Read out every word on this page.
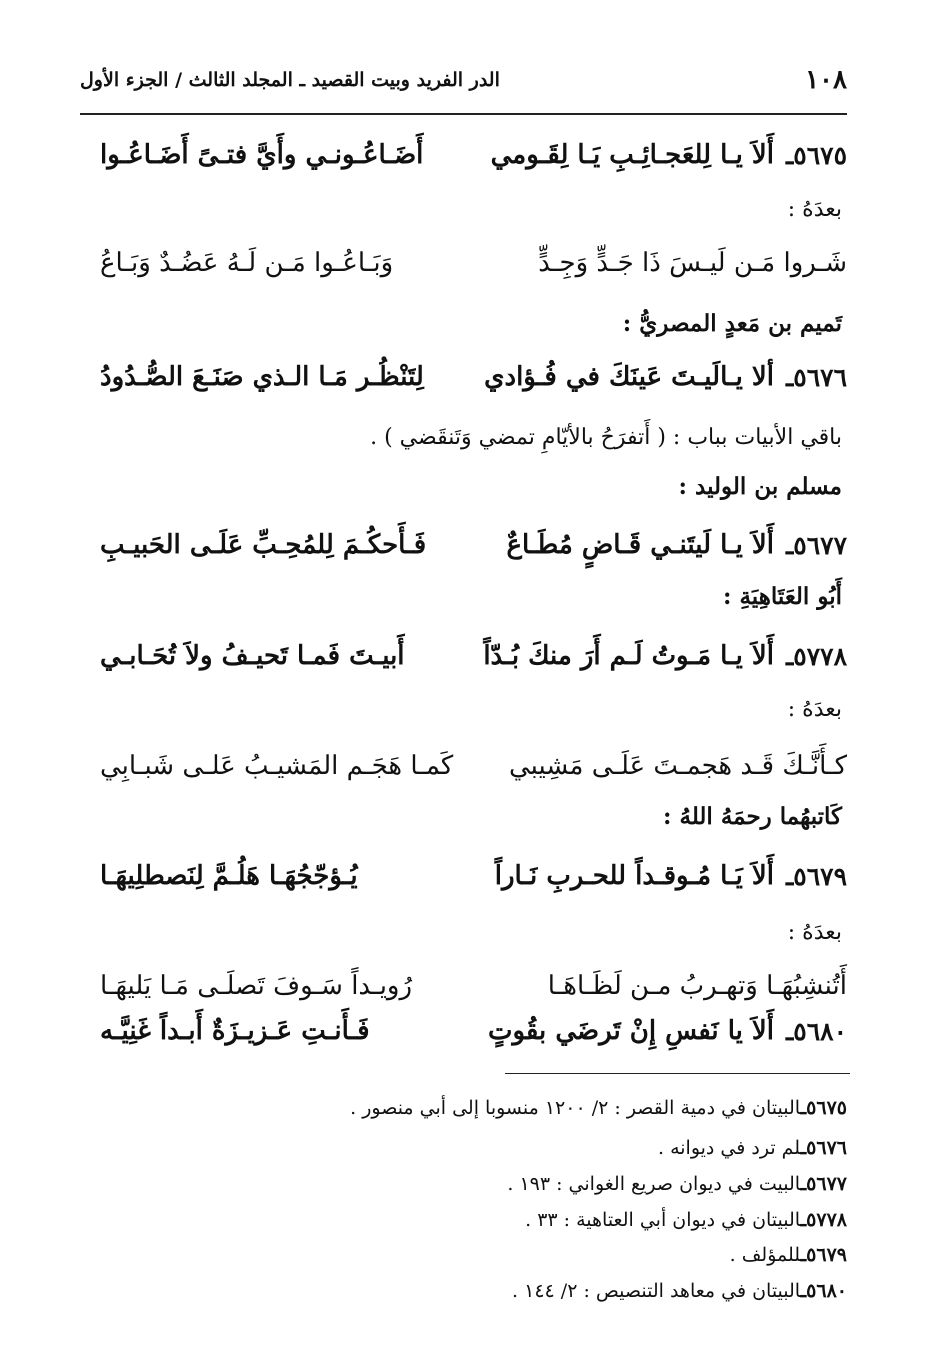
١٠٨
الدر الفريد وبيت القصيد ـ المجلد الثالث / الجزء الأول
٥٦٧٥ـ
أَلاَ يـا لِلعَجـائِـبِ يَـا لِقَـومي
أَضَـاعُـونـي وأَيَّ فتـىً أَضَـاعُـوا
بعدَهُ :
شَـروا مَـن لَيـسَ ذَا جَـدٍّ وَجِـدٍّ
وَبَـاعُـوا مَـن لَـهُ عَضُـدٌ وَبَـاعُ
تَميم بن مَعدٍ المصريُّ :
٥٦٧٦ـ
ألا يـالَيـتَ عَينَكَ في فُـؤادي
لِتَنْظُـر مَـا الـذي صَنَـعَ الصُّـدُودُ
باقي الأبيات بباب : ( أَتفرَحُ بالأيّامِ تمضي وَتَنقَضي ) .
مسلم بن الوليد :
٥٦٧٧ـ
أَلاَ يـا لَيتَنـي قَـاضٍ مُطَـاعٌ
فَـأَحكُـمَ لِلمُحِـبِّ عَلَـى الحَبيـبِ
أَبُو العَتَاهِيَةِ :
٥٧٧٨ـ
أَلاَ يـا مَـوتُ لَـم أَرَ منكَ بُـدّاً
أَبيـتَ فَمـا تَحيـفُ ولاَ تُحَـابـي
بعدَهُ :
كـأَنَّـكَ قَـد هَجمـتَ عَلَـى مَشِيبي
كَمـا هَجَـم المَشيـبُ عَلـى شَبـابِي
كَاتبهُما رحمَهُ اللهُ :
٥٦٧٩ـ
أَلاَ يَـا مُـوقـداً للحـربِ نَـاراً
يُـؤجّجُهَـا هَلُـمَّ لِنَصطلِيهَـا
بعدَهُ :
أَتُنشِبُهَـا وَتهـربُ مـن لَظَـاهَـا
رُويـداً سَـوفَ تَصلَـى مَـا يَليهَـا
٥٦٨٠ـ
أَلاَ يا نَفسِ إِنْ تَرضَي بقُوتٍ
فَـأَنـتِ عَـزيـزَةٌ أَبـداً غَنِيَّـه
٥٦٧٥ـالبيتان في دمية القصر : ٢/ ١٢٠٠ منسوبا إلى أبي منصور .
٥٦٧٦ـلم ترد في ديوانه .
٥٦٧٧ـالبيت في ديوان صريع الغواني : ١٩٣ .
٥٧٧٨ـالبيتان في ديوان أبي العتاهية : ٣٣ .
٥٦٧٩ـللمؤلف .
٥٦٨٠ـالبيتان في معاهد التنصيص : ٢/ ١٤٤ .
